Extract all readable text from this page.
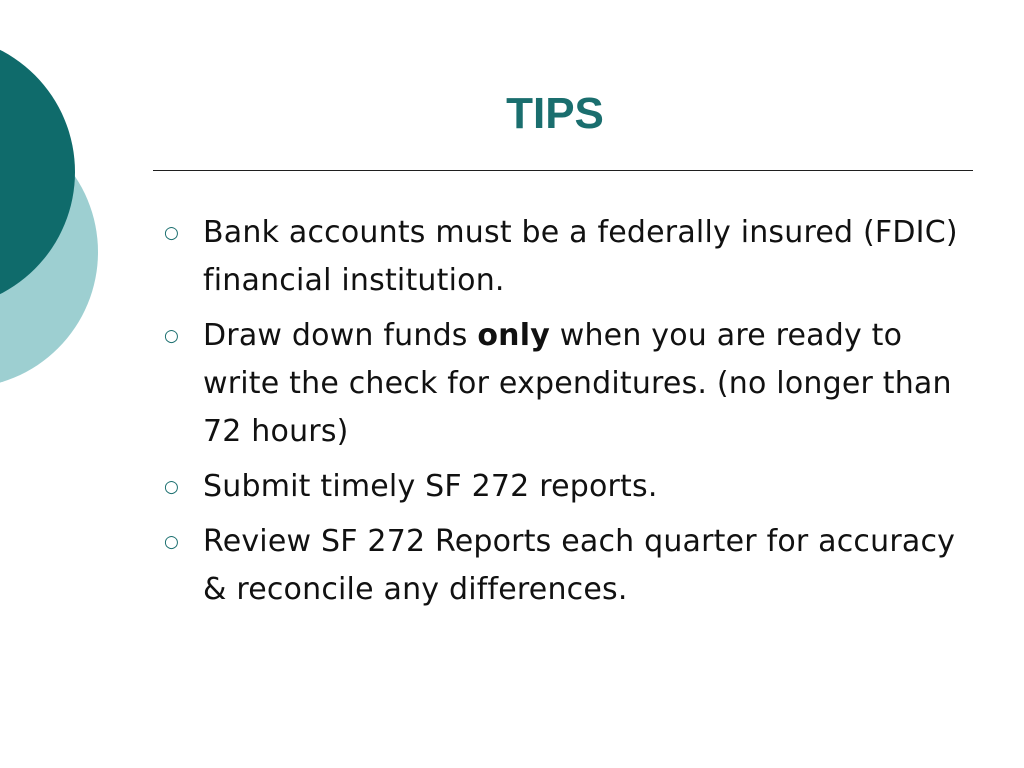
TIPS
○ Bank accounts must be a federally insured (FDIC) financial institution.
○ Draw down funds only when you are ready to write the check for expenditures. (no longer than 72 hours)
○ Submit timely SF 272 reports.
○ Review SF 272 Reports each quarter for accuracy & reconcile any differences.
